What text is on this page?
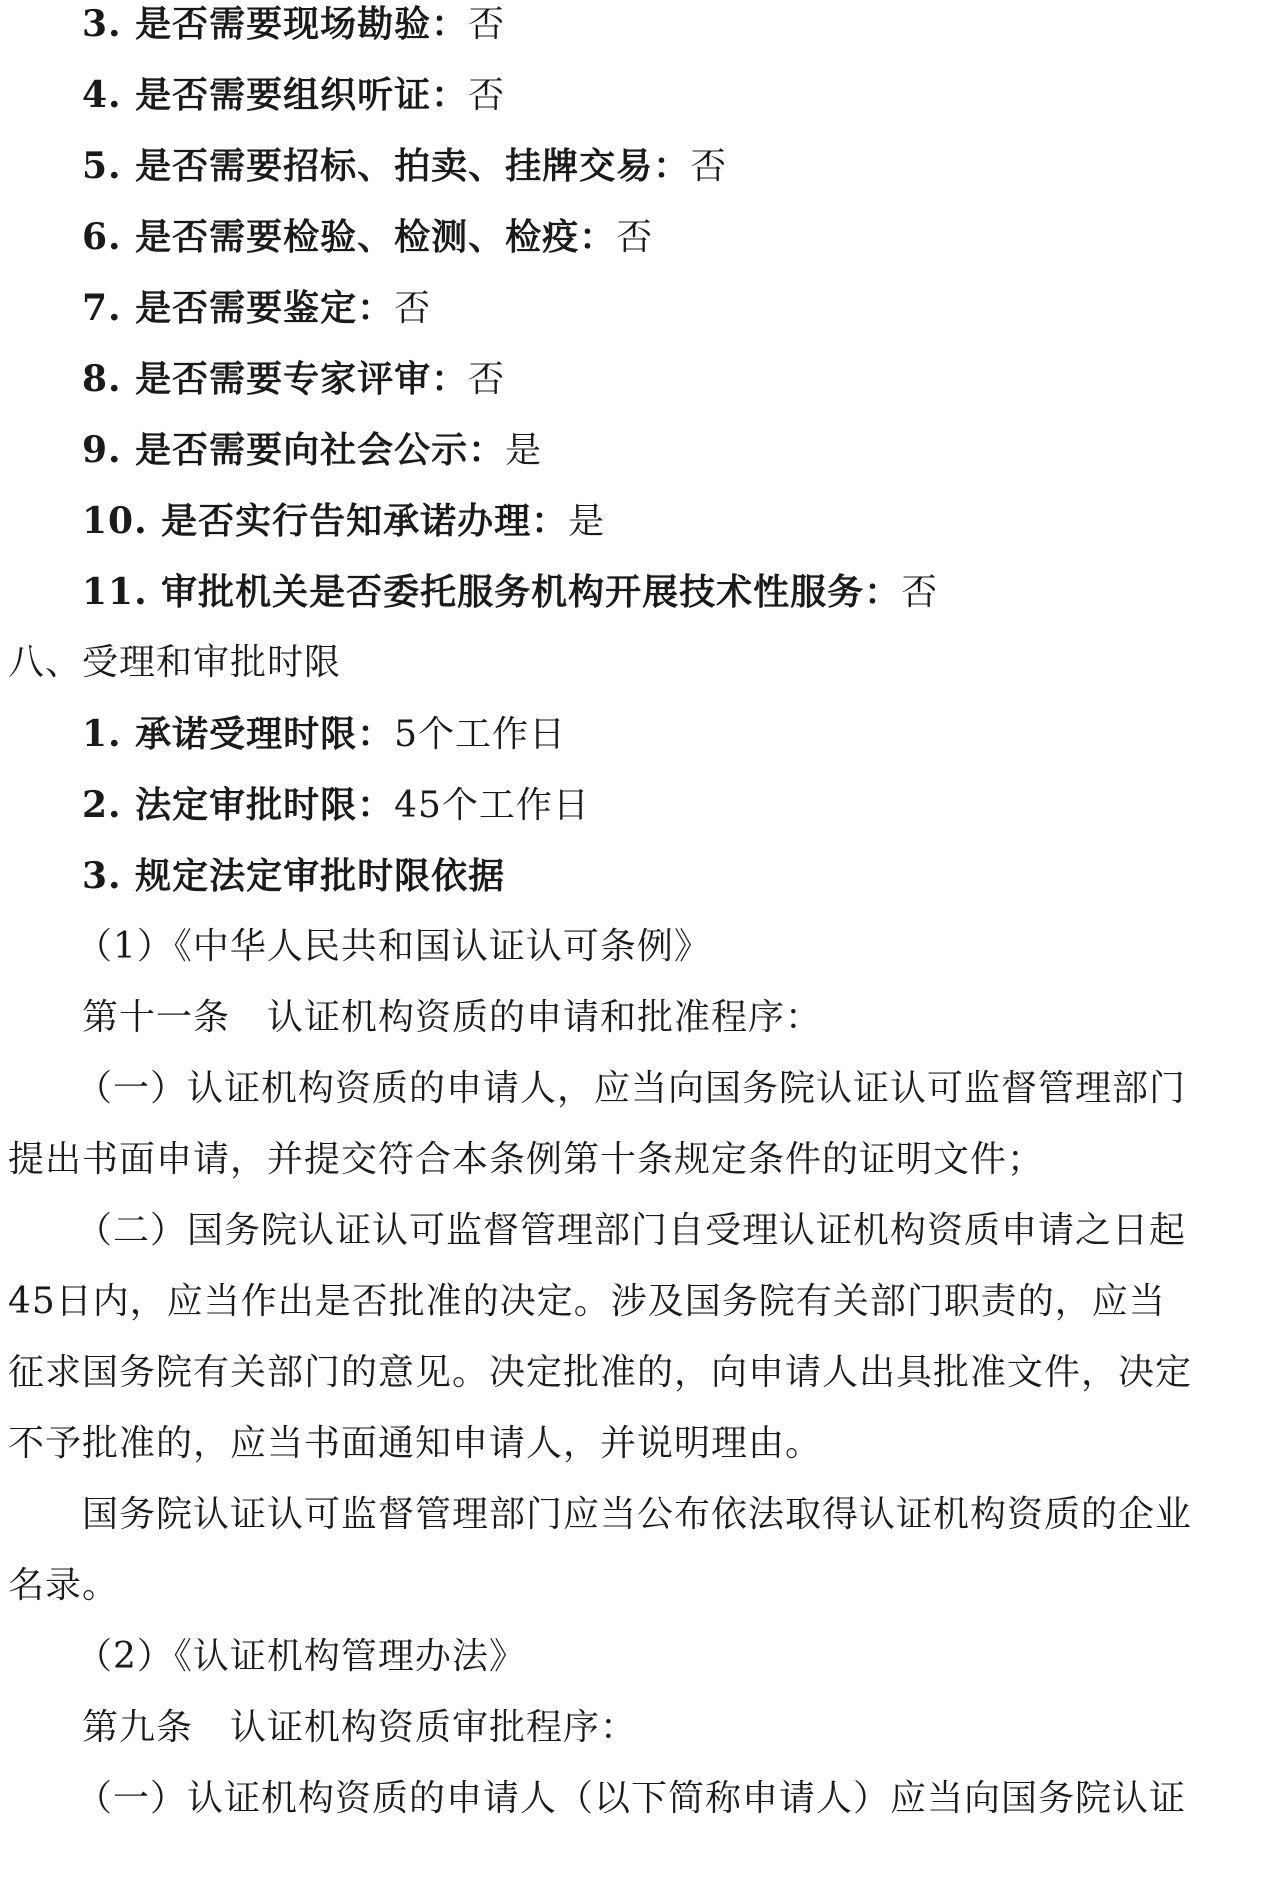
3. 是否需要现场勘验：否
4. 是否需要组织听证：否
5. 是否需要招标、拍卖、挂牌交易：否
6. 是否需要检验、检测、检疫：否
7. 是否需要鉴定：否
8. 是否需要专家评审：否
9. 是否需要向社会公示：是
10. 是否实行告知承诺办理：是
11. 审批机关是否委托服务机构开展技术性服务：否
八、受理和审批时限
1. 承诺受理时限：5个工作日
2. 法定审批时限：45个工作日
3. 规定法定审批时限依据
（1）《中华人民共和国认证认可条例》
第十一条　认证机构资质的申请和批准程序：
（一）认证机构资质的申请人，应当向国务院认证认可监督管理部门
提出书面申请，并提交符合本条例第十条规定条件的证明文件；
（二）国务院认证认可监督管理部门自受理认证机构资质申请之日起
45日内，应当作出是否批准的决定。涉及国务院有关部门职责的，应当
征求国务院有关部门的意见。决定批准的，向申请人出具批准文件，决定
不予批准的，应当书面通知申请人，并说明理由。
国务院认证认可监督管理部门应当公布依法取得认证机构资质的企业
名录。
（2）《认证机构管理办法》
第九条　认证机构资质审批程序：
（一）认证机构资质的申请人（以下简称申请人）应当向国务院认证
